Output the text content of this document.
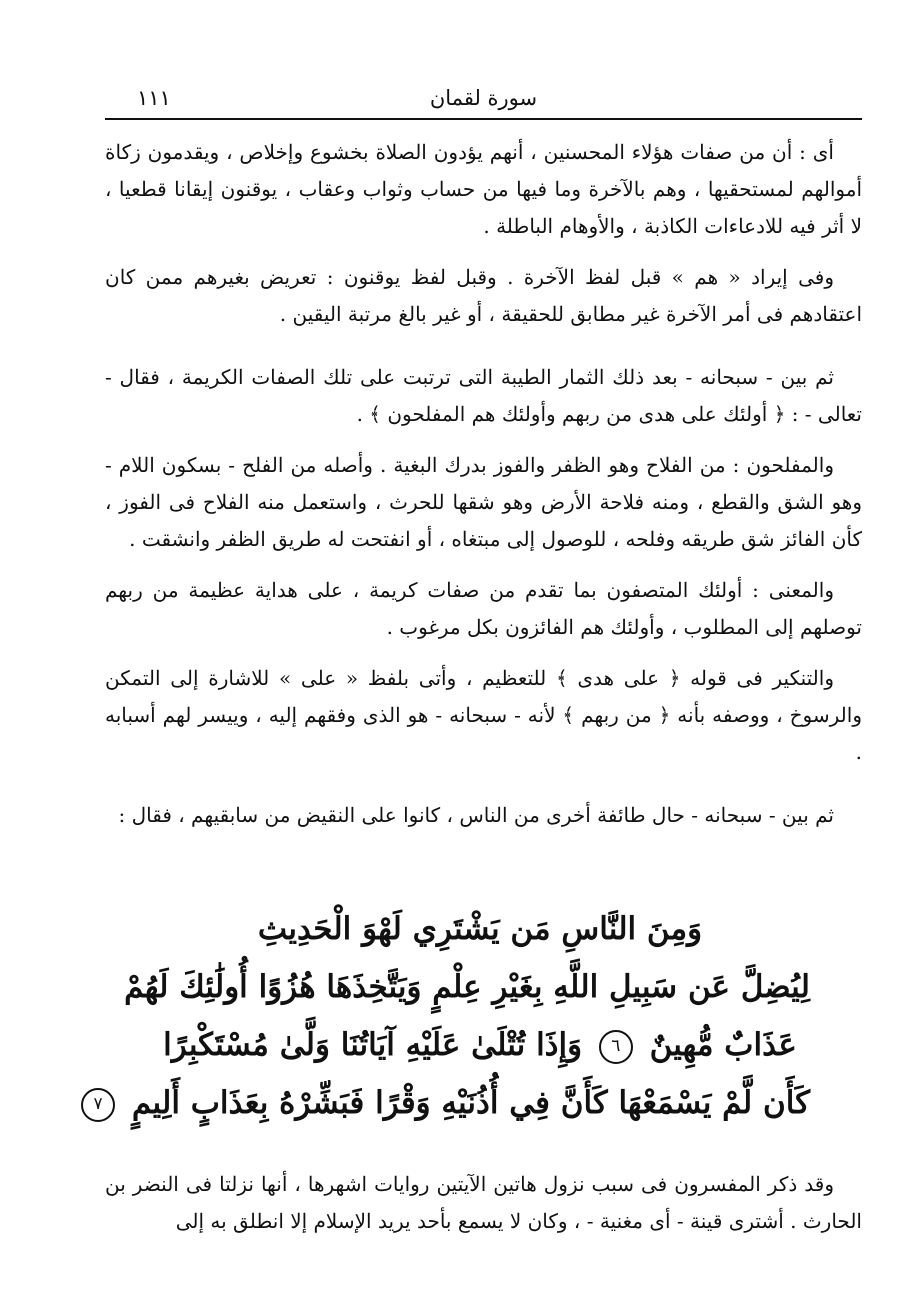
سورة لقمان
١١١

أى : أن من صفات هؤلاء المحسنين ، أنهم يؤدون الصلاة بخشوع وإخلاص ، ويقدمون زكاة أموالهم لمستحقيها ، وهم بالآخرة وما فيها من حساب وثواب وعقاب ، يوقنون إيقانا قطعيا ، لا أثر فيه للادعاءات الكاذبة ، والأوهام الباطلة .

وفى إيراد « هم » قبل لفظ الآخرة . وقبل لفظ يوقنون : تعريض بغيرهم ممن كان اعتقادهم فى أمر الآخرة غير مطابق للحقيقة ، أو غير بالغ مرتبة اليقين .

ثم بين - سبحانه - بعد ذلك الثمار الطيبة التى ترتبت على تلك الصفات الكريمة ، فقال - تعالى - : ﴿ أولئك على هدى من ربهم وأولئك هم المفلحون ﴾ .

والمفلحون : من الفلاح وهو الظفر والفوز بدرك البغية . وأصله من الفلح - بسكون اللام - وهو الشق والقطع ، ومنه فلاحة الأرض وهو شقها للحرث ، واستعمل منه الفلاح فى الفوز ، كأن الفائز شق طريقه وفلحه ، للوصول إلى مبتغاه ، أو انفتحت له طريق الظفر وانشقت .

والمعنى : أولئك المتصفون بما تقدم من صفات كريمة ، على هداية عظيمة من ربهم توصلهم إلى المطلوب ، وأولئك هم الفائزون بكل مرغوب .

والتنكير فى قوله ﴿ على هدى ﴾ للتعظيم ، وأتى بلفظ « على » للاشارة إلى التمكن والرسوخ ، ووصفه بأنه ﴿ من ربهم ﴾ لأنه - سبحانه - هو الذى وفقهم إليه ، وييسر لهم أسبابه .

ثم بين - سبحانه - حال طائفة أخرى من الناس ، كانوا على النقيض من سابقيهم ، فقال :

وَمِنَ النَّاسِ مَن يَشْتَرِي لَهْوَ الْحَدِيثِ
لِيُضِلَّ عَن سَبِيلِ اللَّهِ بِغَيْرِ عِلْمٍ وَيَتَّخِذَهَا هُزُوًا أُولَٰئِكَ لَهُمْ
عَذَابٌ مُّهِينٌ ٦ وَإِذَا تُتْلَىٰ عَلَيْهِ آيَاتُنَا وَلَّىٰ مُسْتَكْبِرًا
كَأَن لَّمْ يَسْمَعْهَا كَأَنَّ فِي أُذُنَيْهِ وَقْرًا فَبَشِّرْهُ بِعَذَابٍ أَلِيمٍ ٧

وقد ذكر المفسرون فى سبب نزول هاتين الآيتين روايات اشهرها ، أنها نزلتا فى النضر بن الحارث . أشترى قينة - أى مغنية - ، وكان لا يسمع بأحد يريد الإسلام إلا انطلق به إلى
